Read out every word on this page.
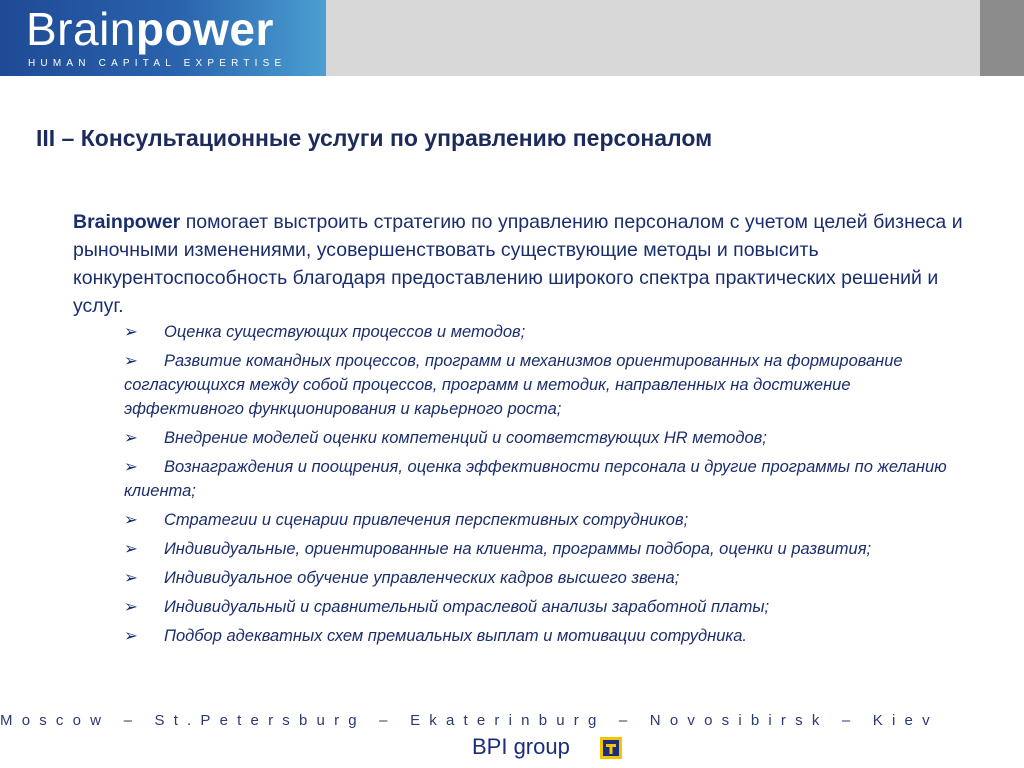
Brainpower
HUMAN CAPITAL EXPERTISE
III – Консультационные услуги по управлению персоналом
Brainpower помогает выстроить стратегию по управлению персоналом с учетом целей бизнеса и рыночными изменениями, усовершенствовать существующие методы и повысить конкурентоспособность благодаря предоставлению широкого спектра практических решений и услуг.
➢ Оценка существующих процессов и методов;
➢ Развитие командных процессов, программ и механизмов ориентированных на формирование согласующихся между собой процессов, программ и методик, направленных на достижение эффективного функционирования и карьерного роста;
➢ Внедрение моделей оценки компетенций и соответствующих HR методов;
➢ Вознаграждения и поощрения, оценка эффективности персонала и другие программы по желанию клиента;
➢ Стратегии и сценарии привлечения перспективных сотрудников;
➢ Индивидуальные, ориентированные на клиента, программы подбора, оценки и развития;
➢ Индивидуальное обучение управленческих кадров высшего звена;
➢ Индивидуальный и сравнительный отраслевой анализы заработной платы;
➢ Подбор адекватных схем премиальных выплат и мотивации сотрудника.
Moscow ‒ St.Petersburg ‒ Ekaterinburg ‒ Novosibirsk ‒ Kiev
BPI group
